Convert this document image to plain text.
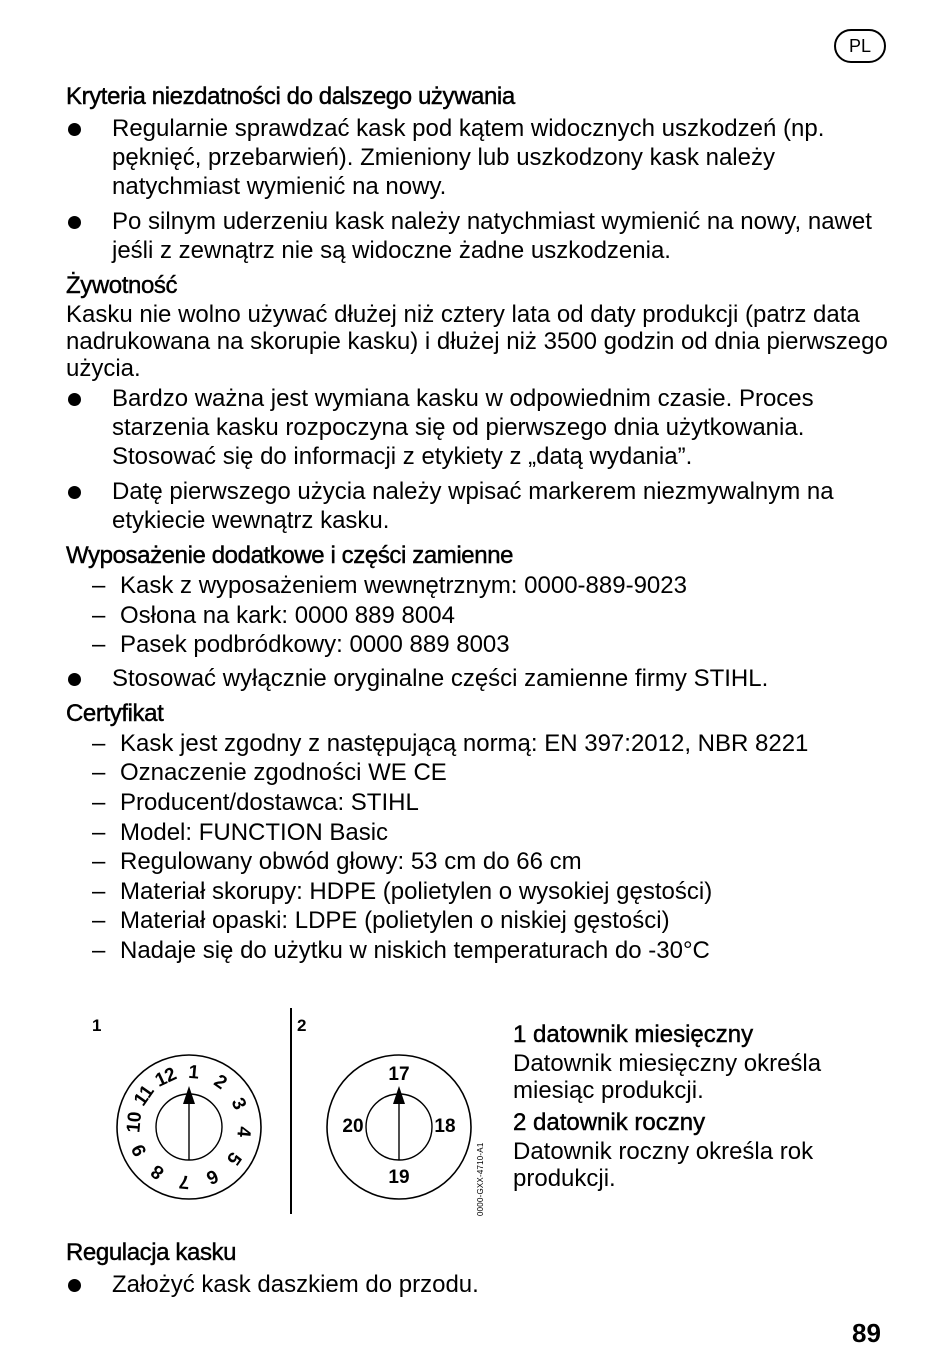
PL
Kryteria niezdatności do dalszego używania
Regularnie sprawdzać kask pod kątem widocznych uszkodzeń (np. pęknięć, przebarwień). Zmieniony lub uszkodzony kask należy natychmiast wymienić na nowy.
Po silnym uderzeniu kask należy natychmiast wymienić na nowy, nawet jeśli z zewnątrz nie są widoczne żadne uszkodzenia.
Żywotność

Kasku nie wolno używać dłużej niż cztery lata od daty produkcji (patrz data nadrukowana na skorupie kasku) i dłużej niż 3500 godzin od dnia pierwszego użycia.

Bardzo ważna jest wymiana kasku w odpowiednim czasie. Proces starzenia kasku rozpoczyna się od pierwszego dnia użytkowania. Stosować się do informacji z etykiety z „datą wydania”.
Datę pierwszego użycia należy wpisać markerem niezmywalnym na etykiecie wewnątrz kasku.
Wyposażenie dodatkowe i części zamienne
– Kask z wyposażeniem wewnętrznym: 0000-889-9023
– Osłona na kark: 0000 889 8004
– Pasek podbródkowy: 0000 889 8003
Stosować wyłącznie oryginalne części zamienne firmy STIHL.
Certyfikat
– Kask jest zgodny z następującą normą: EN 397:2012, NBR 8221
– Oznaczenie zgodności WE CE
– Producent/dostawca: STIHL
– Model: FUNCTION Basic
– Regulowany obwód głowy: 53 cm do 66 cm
– Materiał skorupy: HDPE (polietylen o wysokiej gęstości)
– Materiał opaski: LDPE (polietylen o niskiej gęstości)
– Nadaje się do użytku w niskich temperaturach do -30°C
1	2
1 2
3
4
5
6
7
8
9
10
11
12	17
18
19
20
0000-GXX-4710-A1
1 datownik miesięczny

Datownik miesięczny określa miesiąc produkcji.

2 datownik roczny

Datownik roczny określa rok produkcji.

Regulacja kasku
Założyć kask daszkiem do przodu.
89
